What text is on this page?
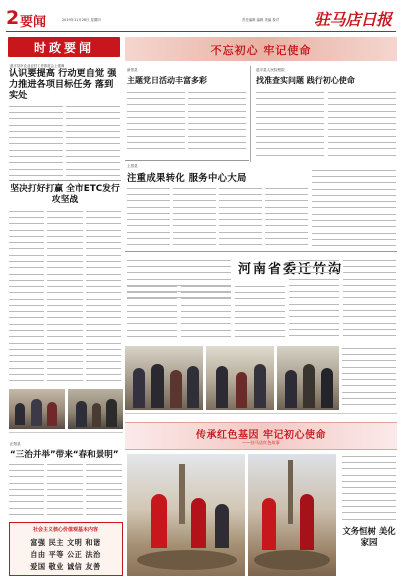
2 要闻	2019年11月28日 星期四	责任编辑 编辑 美编 校对 驻马店日报
时政要闻
遂平县市农业农村工作推进会上强调
认识要提高 行动更自觉 强力推进各项目标任务 落到实处
坚决打好打赢 全市ETC发行攻坚战
不忘初心 牢记使命
新蔡县
主题党日活动丰富多彩
遂平县人民检察院
找准查实问题 践行初心使命
上蔡县
注重成果转化 服务中心大局
河南省委迁竹沟
正阳县
“三治并举”带来“春和景明”
社会主义核心价值观基本内容
富强 民主 文明 和谐
自由 平等 公正 法治
爱国 敬业 诚信 友善
传承红色基因 牢记初心使命
——驻马店红色故事
文务恒树 美化家园
